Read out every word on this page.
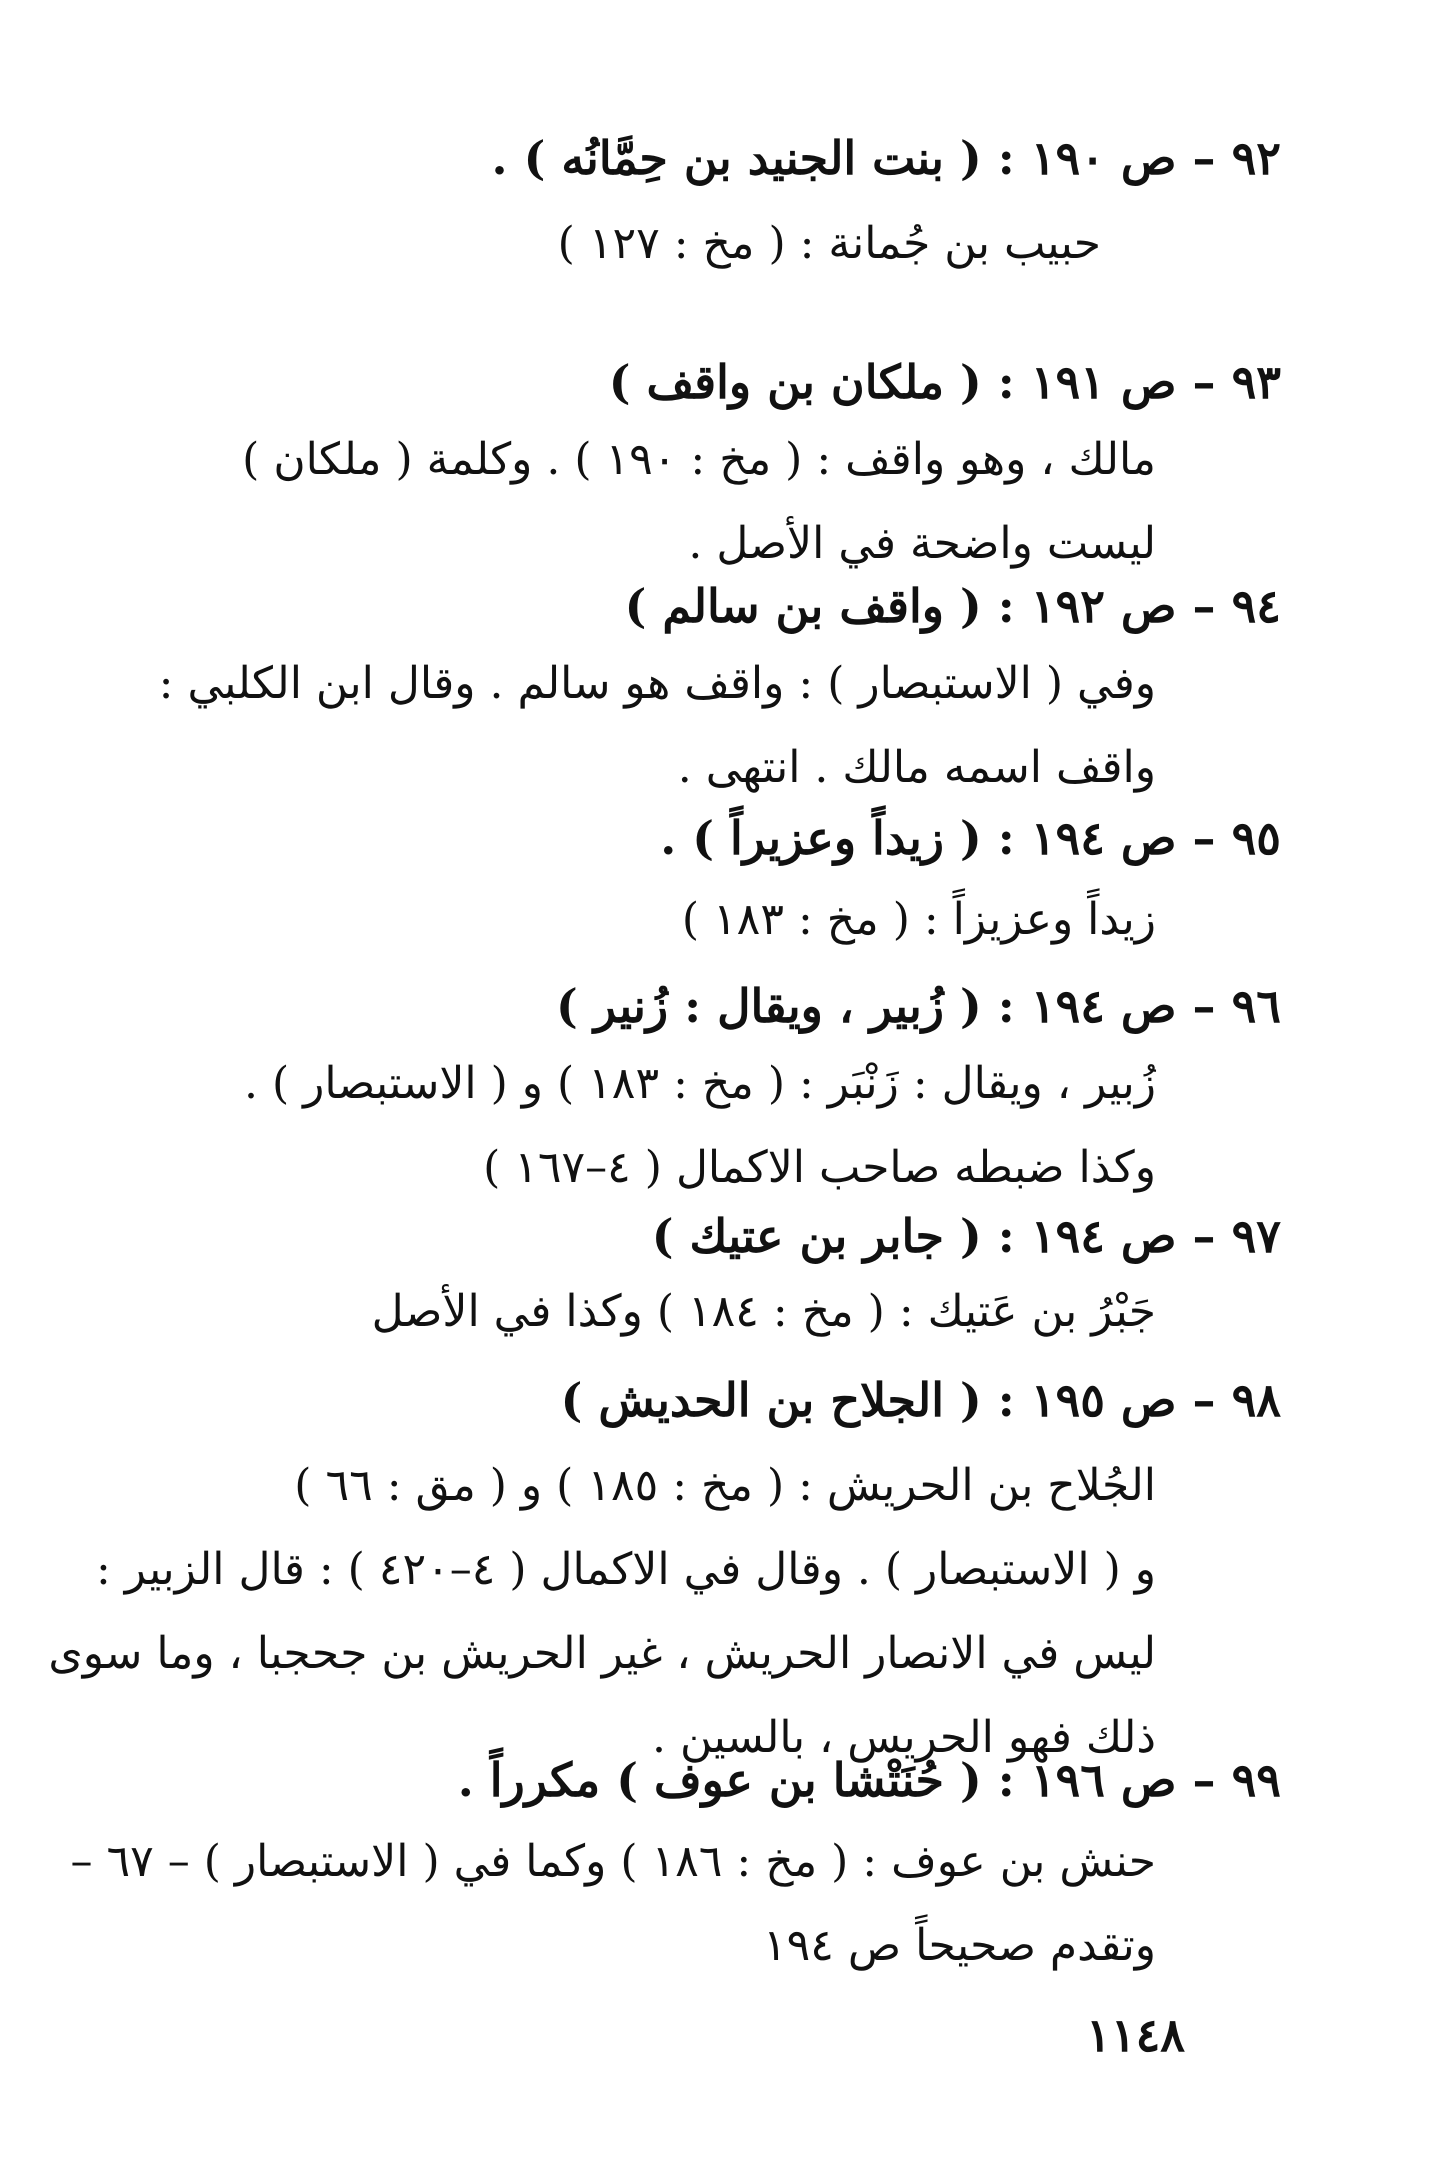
٩٢ – ص ١٩٠ : ( بنت الجنيد بن حِمَّانُه ) .
حبيب بن جُمانة : ( مخ : ١٢٧ )
٩٣ – ص ١٩١ : ( ملكان بن واقف )
مالك ، وهو واقف : ( مخ : ١٩٠ ) . وكلمة ( ملكان )
ليست واضحة في الأصل .
٩٤ – ص ١٩٢ : ( واقف بن سالم )
وفي ( الاستبصار ) : واقف هو سالم . وقال ابن الكلبي :
واقف اسمه مالك . انتهى .
٩٥ – ص ١٩٤ : ( زيداً وعزيراً ) .
زيداً وعزيزاً : ( مخ : ١٨٣ )
٩٦ – ص ١٩٤ : ( زُبير ، ويقال : زُنير )
زُبير ، ويقال : زَنْبَر : ( مخ : ١٨٣ ) و ( الاستبصار ) .
وكذا ضبطه صاحب الاكمال ( ٤–١٦٧ )
٩٧ – ص ١٩٤ : ( جابر بن عتيك )
جَبْرُ بن عَتيك : ( مخ : ١٨٤ ) وكذا في الأصل
٩٨ – ص ١٩٥ : ( الجلاح بن الحديش )
الجُلاح بن الحريش : ( مخ : ١٨٥ ) و ( مق : ٦٦ )
و ( الاستبصار ) . وقال في الاكمال ( ٤–٤٢٠ ) : قال الزبير :
ليس في الانصار الحريش ، غير الحريش بن جحجبا ، وما سوى
ذلك فهو الحريس ، بالسين .
٩٩ – ص ١٩٦ : ( حُنَتْشا بن عوف ) مكرراً .
حنش بن عوف : ( مخ : ١٨٦ ) وكما في ( الاستبصار ) – ٦٧ –
وتقدم صحيحاً ص ١٩٤
١١٤٨
